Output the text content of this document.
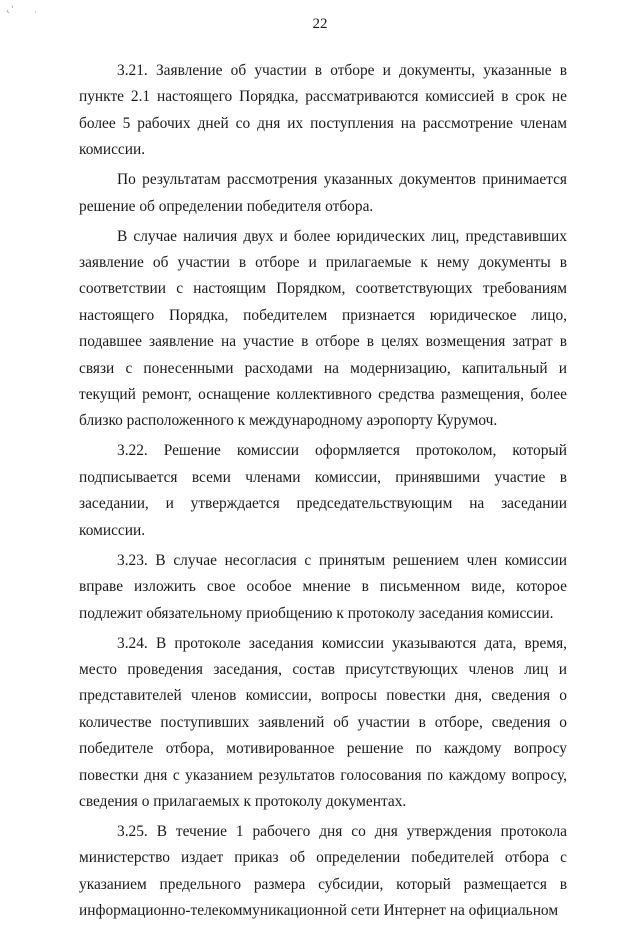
‹ ‘ ’
22

3.21. Заявление об участии в отборе и документы, указанные в пункте 2.1 настоящего Порядка, рассматриваются комиссией в срок не более 5 рабочих дней со дня их поступления на рассмотрение членам комиссии.

По результатам рассмотрения указанных документов принимается решение об определении победителя отбора.

В случае наличия двух и более юридических лиц, представивших заявление об участии в отборе и прилагаемые к нему документы в соответствии с настоящим Порядком, соответствующих требованиям настоящего Порядка, победителем признается юридическое лицо, подавшее заявление на участие в отборе в целях возмещения затрат в связи с понесенными расходами на модернизацию, капитальный и текущий ремонт, оснащение коллективного средства размещения, более близко расположенного к международному аэропорту Курумоч.

3.22. Решение комиссии оформляется протоколом, который подписывается всеми членами комиссии, принявшими участие в заседании, и утверждается председательствующим на заседании комиссии.

3.23. В случае несогласия с принятым решением член комиссии вправе изложить свое особое мнение в письменном виде, которое подлежит обязательному приобщению к протоколу заседания комиссии.

3.24. В протоколе заседания комиссии указываются дата, время, место проведения заседания, состав присутствующих членов лиц и представителей членов комиссии, вопросы повестки дня, сведения о количестве поступивших заявлений об участии в отборе, сведения о победителе отбора, мотивированное решение по каждому вопросу повестки дня с указанием результатов голосования по каждому вопросу, сведения о прилагаемых к протоколу документах.

3.25. В течение 1 рабочего дня со дня утверждения протокола министерство издает приказ об определении победителей отбора с указанием предельного размера субсидии, который размещается в информационно-телекоммуникационной сети Интернет на официальном
